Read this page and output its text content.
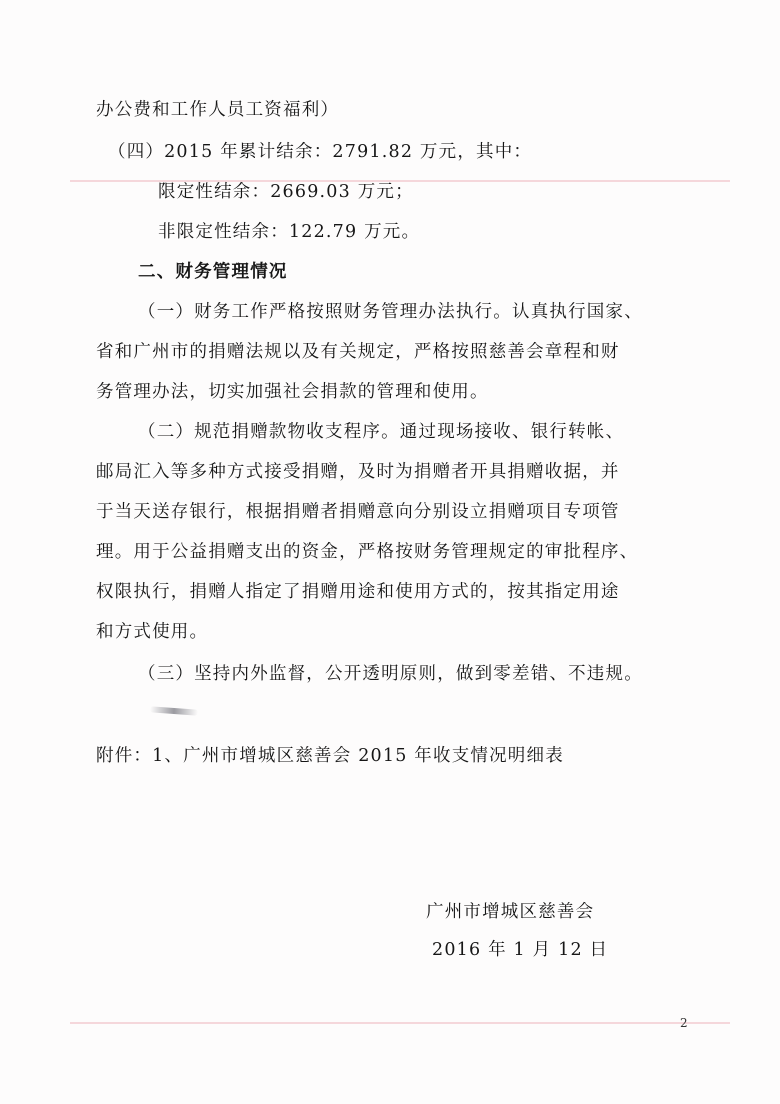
办公费和工作人员工资福利）
（四）2015 年累计结余：2791.82 万元，其中：
限定性结余：2669.03 万元；
非限定性结余：122.79 万元。
二、财务管理情况
（一）财务工作严格按照财务管理办法执行。认真执行国家、
省和广州市的捐赠法规以及有关规定，严格按照慈善会章程和财
务管理办法，切实加强社会捐款的管理和使用。
（二）规范捐赠款物收支程序。通过现场接收、银行转帐、
邮局汇入等多种方式接受捐赠，及时为捐赠者开具捐赠收据，并
于当天送存银行，根据捐赠者捐赠意向分别设立捐赠项目专项管
理。用于公益捐赠支出的资金，严格按财务管理规定的审批程序、
权限执行，捐赠人指定了捐赠用途和使用方式的，按其指定用途
和方式使用。
（三）坚持内外监督，公开透明原则，做到零差错、不违规。
附件：1、广州市增城区慈善会 2015 年收支情况明细表
广州市增城区慈善会
2016 年 1 月 12 日
2
